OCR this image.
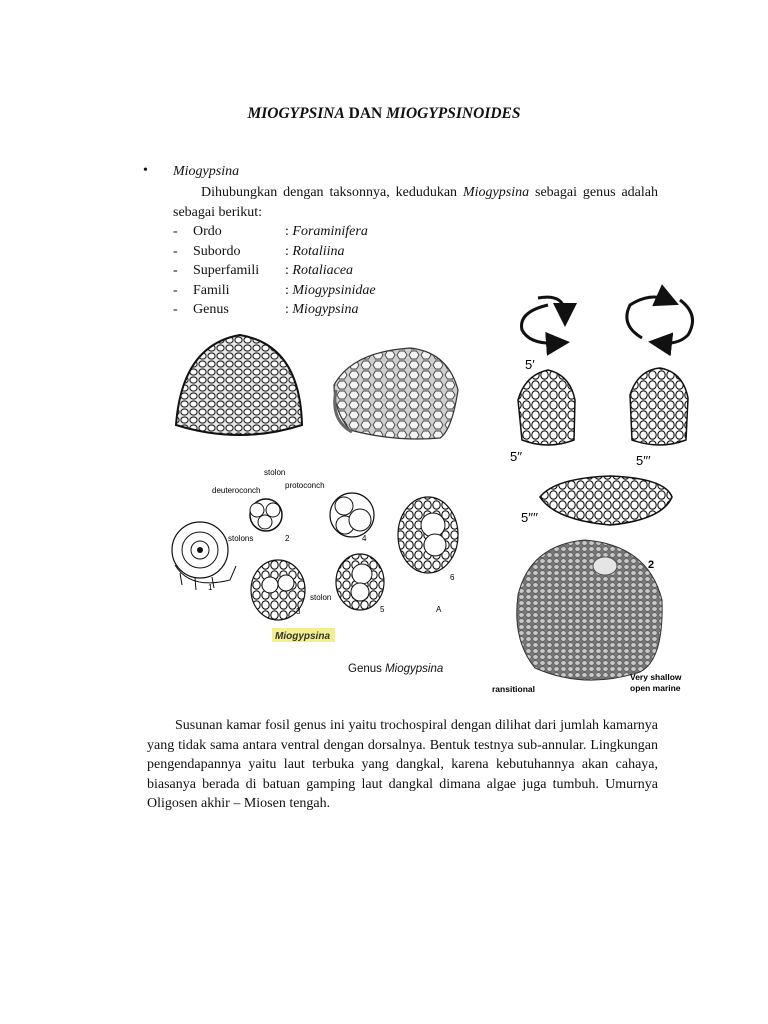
MIOGYPSINA DAN MIOGYPSINOIDES
• Miogypsina
Dihubungkan dengan taksonnya, kedudukan Miogypsina sebagai genus adalah sebagai berikut:
-	Ordo	: Foraminifera
-	Subordo	: Rotaliina
-	Superfamili	: Rotaliacea
-	Famili	: Miogypsinidae
-	Genus	: Miogypsina
5′
5′′	5′′′
5′′′′
stolon
protoconch
deuteroconch
stolons
stolon
1
2
3
4
5
6
A
Miogypsina
2
ransitional
Very shallow
open marine
Genus Miogypsina
Susunan kamar fosil genus ini yaitu trochospiral dengan dilihat dari jumlah kamarnya yang tidak sama antara ventral dengan dorsalnya. Bentuk testnya sub-annular. Lingkungan pengendapannya yaitu laut terbuka yang dangkal, karena kebutuhannya akan cahaya, biasanya berada di batuan gamping laut dangkal dimana algae juga tumbuh. Umurnya Oligosen akhir – Miosen tengah.
